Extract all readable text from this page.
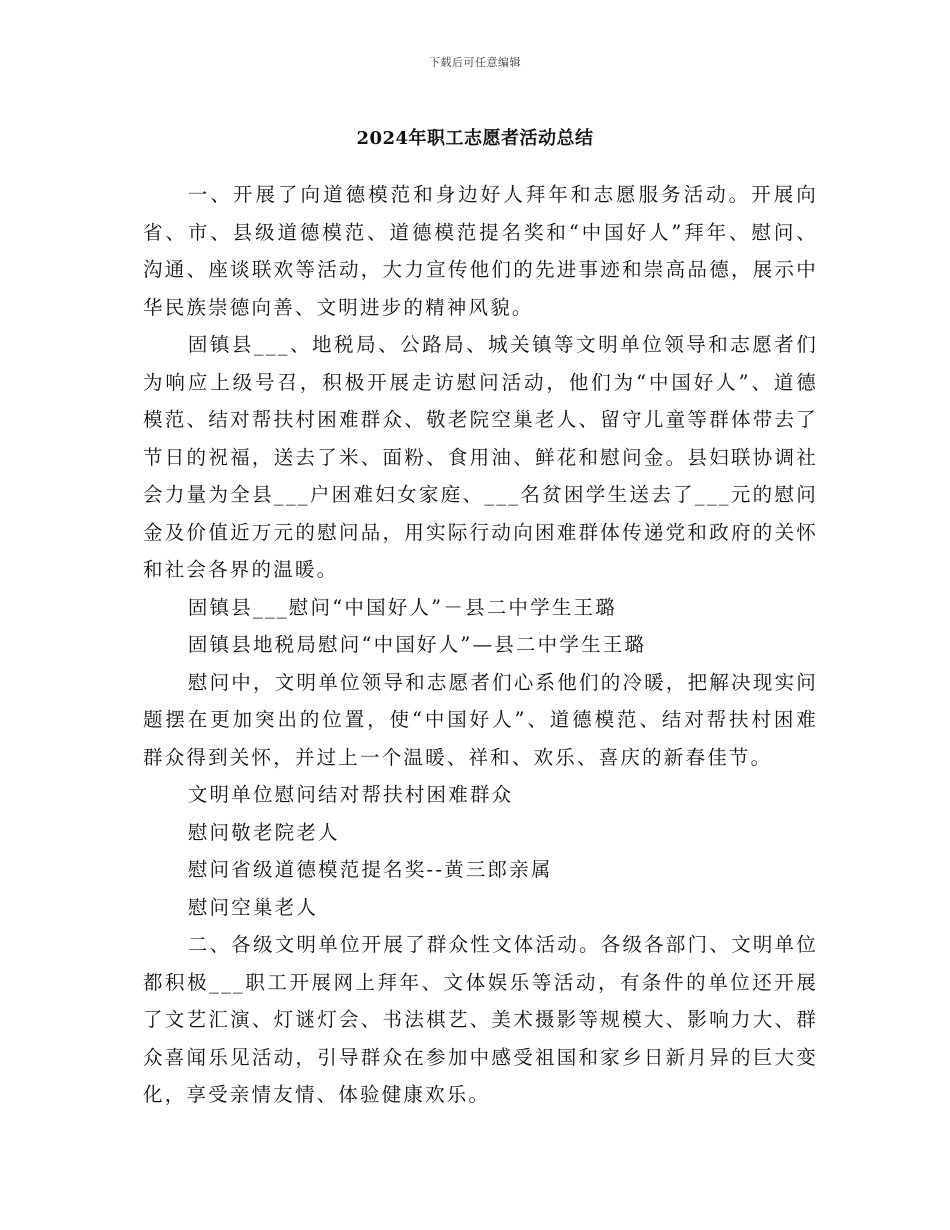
下载后可任意编辑
2024年职工志愿者活动总结

一、开展了向道德模范和身边好人拜年和志愿服务活动。开展向省、市、县级道德模范、道德模范提名奖和“中国好人”拜年、慰问、沟通、座谈联欢等活动，大力宣传他们的先进事迹和崇高品德，展示中华民族崇德向善、文明进步的精神风貌。

固镇县___、地税局、公路局、城关镇等文明单位领导和志愿者们为响应上级号召，积极开展走访慰问活动，他们为“中国好人”、道德模范、结对帮扶村困难群众、敬老院空巢老人、留守儿童等群体带去了节日的祝福，送去了米、面粉、食用油、鲜花和慰问金。县妇联协调社会力量为全县___户困难妇女家庭、___名贫困学生送去了___元的慰问金及价值近万元的慰问品，用实际行动向困难群体传递党和政府的关怀和社会各界的温暖。

固镇县___慰问“中国好人”－县二中学生王璐

固镇县地税局慰问“中国好人”—县二中学生王璐

慰问中，文明单位领导和志愿者们心系他们的冷暖，把解决现实问题摆在更加突出的位置，使“中国好人”、道德模范、结对帮扶村困难群众得到关怀，并过上一个温暖、祥和、欢乐、喜庆的新春佳节。

文明单位慰问结对帮扶村困难群众

慰问敬老院老人

慰问省级道德模范提名奖--黄三郎亲属

慰问空巢老人

二、各级文明单位开展了群众性文体活动。各级各部门、文明单位都积极___职工开展网上拜年、文体娱乐等活动，有条件的单位还开展了文艺汇演、灯谜灯会、书法棋艺、美术摄影等规模大、影响力大、群众喜闻乐见活动，引导群众在参加中感受祖国和家乡日新月异的巨大变化，享受亲情友情、体验健康欢乐。
